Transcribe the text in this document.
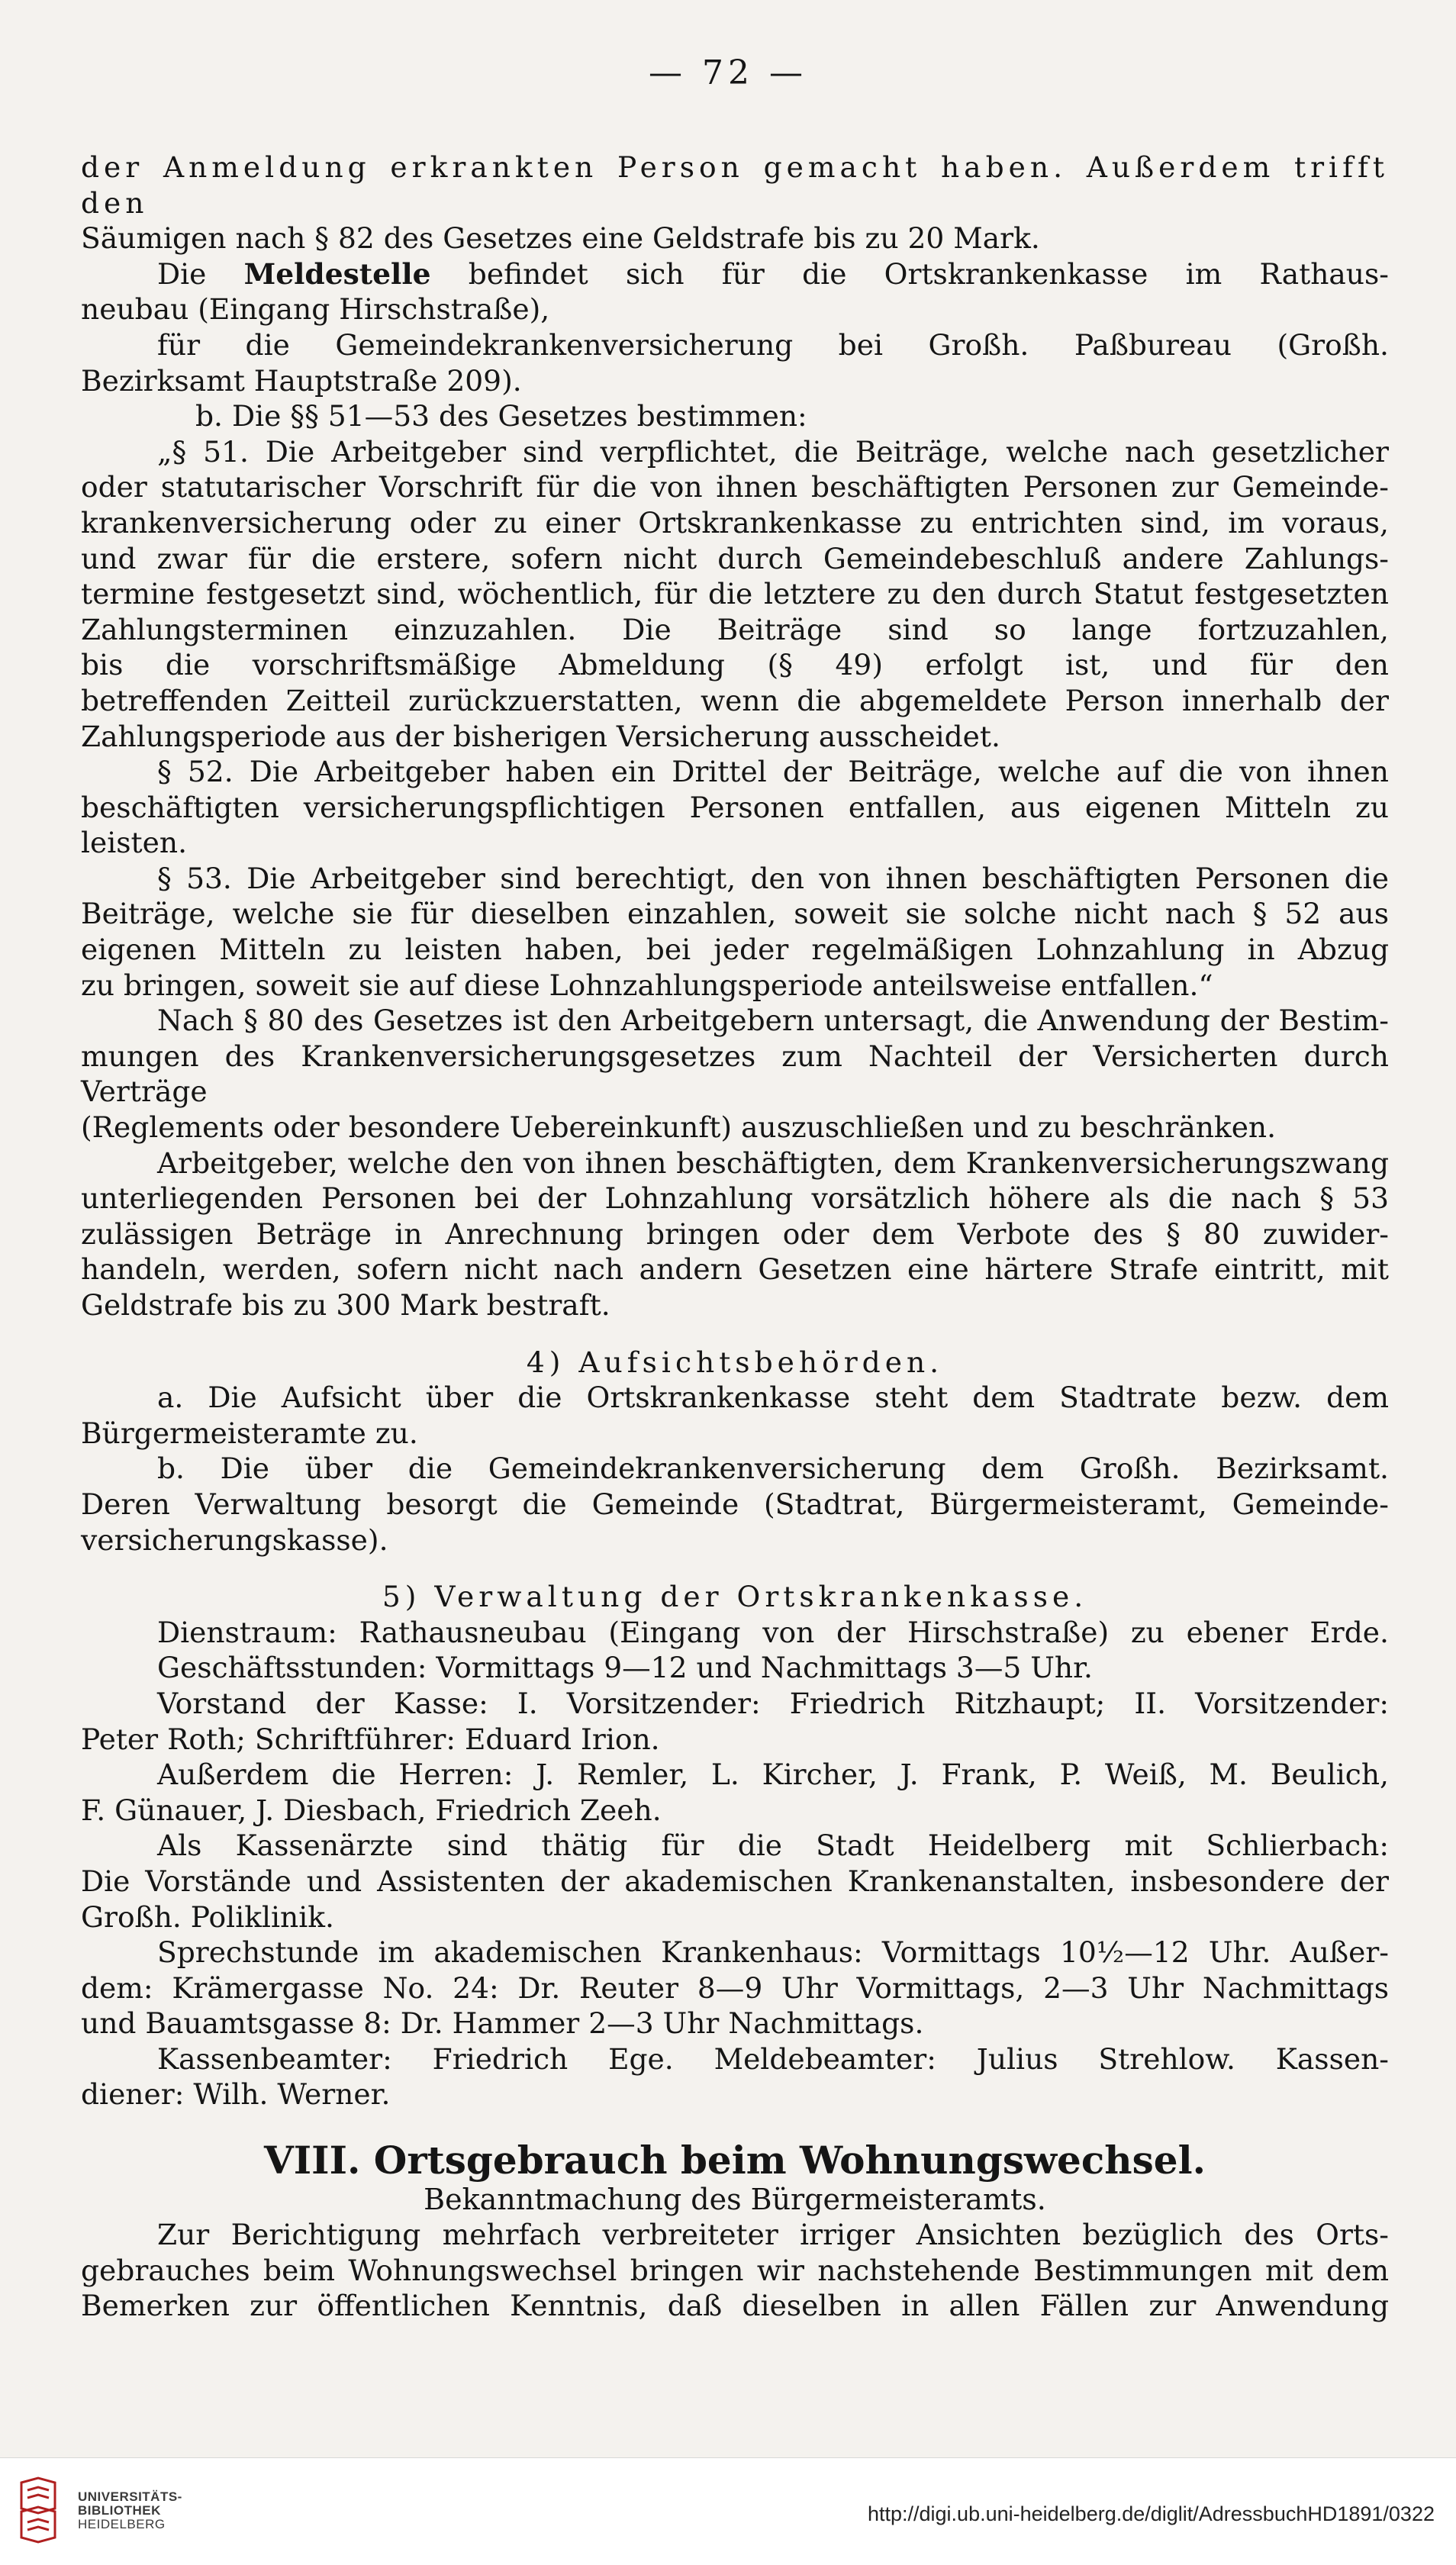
— 72 —

der Anmeldung erkrankten Person gemacht haben. Außerdem trifft den

Säumigen nach § 82 des Gesetzes eine Geldstrafe bis zu 20 Mark.

Die Meldestelle befindet sich für die Ortskrankenkasse im Rathaus-

neubau (Eingang Hirschstraße),

für die Gemeindekrankenversicherung bei Großh. Paßbureau (Großh.

Bezirksamt Hauptstraße 209).

b. Die §§ 51—53 des Gesetzes bestimmen:

„§ 51. Die Arbeitgeber sind verpflichtet, die Beiträge, welche nach gesetzlicher

oder statutarischer Vorschrift für die von ihnen beschäftigten Personen zur Gemeinde-

krankenversicherung oder zu einer Ortskrankenkasse zu entrichten sind, im voraus,

und zwar für die erstere, sofern nicht durch Gemeindebeschluß andere Zahlungs-

termine festgesetzt sind, wöchentlich, für die letztere zu den durch Statut festgesetzten

Zahlungsterminen einzuzahlen. Die Beiträge sind so lange fortzuzahlen,

bis die vorschriftsmäßige Abmeldung (§ 49) erfolgt ist, und für den

betreffenden Zeitteil zurückzuerstatten, wenn die abgemeldete Person innerhalb der

Zahlungsperiode aus der bisherigen Versicherung ausscheidet.

§ 52. Die Arbeitgeber haben ein Drittel der Beiträge, welche auf die von ihnen

beschäftigten versicherungspflichtigen Personen entfallen, aus eigenen Mitteln zu leisten.

§ 53. Die Arbeitgeber sind berechtigt, den von ihnen beschäftigten Personen die

Beiträge, welche sie für dieselben einzahlen, soweit sie solche nicht nach § 52 aus

eigenen Mitteln zu leisten haben, bei jeder regelmäßigen Lohnzahlung in Abzug

zu bringen, soweit sie auf diese Lohnzahlungsperiode anteilsweise entfallen.“

Nach § 80 des Gesetzes ist den Arbeitgebern untersagt, die Anwendung der Bestim-

mungen des Krankenversicherungsgesetzes zum Nachteil der Versicherten durch Verträge

(Reglements oder besondere Uebereinkunft) auszuschließen und zu beschränken.

Arbeitgeber, welche den von ihnen beschäftigten, dem Krankenversicherungszwang

unterliegenden Personen bei der Lohnzahlung vorsätzlich höhere als die nach § 53

zulässigen Beträge in Anrechnung bringen oder dem Verbote des § 80 zuwider-

handeln, werden, sofern nicht nach andern Gesetzen eine härtere Strafe eintritt, mit

Geldstrafe bis zu 300 Mark bestraft.

4) Aufsichtsbehörden.

a. Die Aufsicht über die Ortskrankenkasse steht dem Stadtrate bezw. dem

Bürgermeisteramte zu.

b. Die über die Gemeindekrankenversicherung dem Großh. Bezirksamt.

Deren Verwaltung besorgt die Gemeinde (Stadtrat, Bürgermeisteramt, Gemeinde-

versicherungskasse).

5) Verwaltung der Ortskrankenkasse.

Dienstraum: Rathausneubau (Eingang von der Hirschstraße) zu ebener Erde.

Geschäftsstunden: Vormittags 9—12 und Nachmittags 3—5 Uhr.

Vorstand der Kasse: I. Vorsitzender: Friedrich Ritzhaupt; II. Vorsitzender:

Peter Roth; Schriftführer: Eduard Irion.

Außerdem die Herren: J. Remler, L. Kircher, J. Frank, P. Weiß, M. Beulich,

F. Günauer, J. Diesbach, Friedrich Zeeh.

Als Kassenärzte sind thätig für die Stadt Heidelberg mit Schlierbach:

Die Vorstände und Assistenten der akademischen Krankenanstalten, insbesondere der

Großh. Poliklinik.

Sprechstunde im akademischen Krankenhaus: Vormittags 10½—12 Uhr. Außer-

dem: Krämergasse No. 24: Dr. Reuter 8—9 Uhr Vormittags, 2—3 Uhr Nachmittags

und Bauamtsgasse 8: Dr. Hammer 2—3 Uhr Nachmittags.

Kassenbeamter: Friedrich Ege. Meldebeamter: Julius Strehlow. Kassen-

diener: Wilh. Werner.

VIII. Ortsgebrauch beim Wohnungswechsel.

Bekanntmachung des Bürgermeisteramts.

Zur Berichtigung mehrfach verbreiteter irriger Ansichten bezüglich des Orts-

gebrauches beim Wohnungswechsel bringen wir nachstehende Bestimmungen mit dem

Bemerken zur öffentlichen Kenntnis, daß dieselben in allen Fällen zur Anwendung

UNIVERSITÄTS-
BIBLIOTHEK
HEIDELBERG	http://digi.ub.uni-heidelberg.de/diglit/AdressbuchHD1891/0322
